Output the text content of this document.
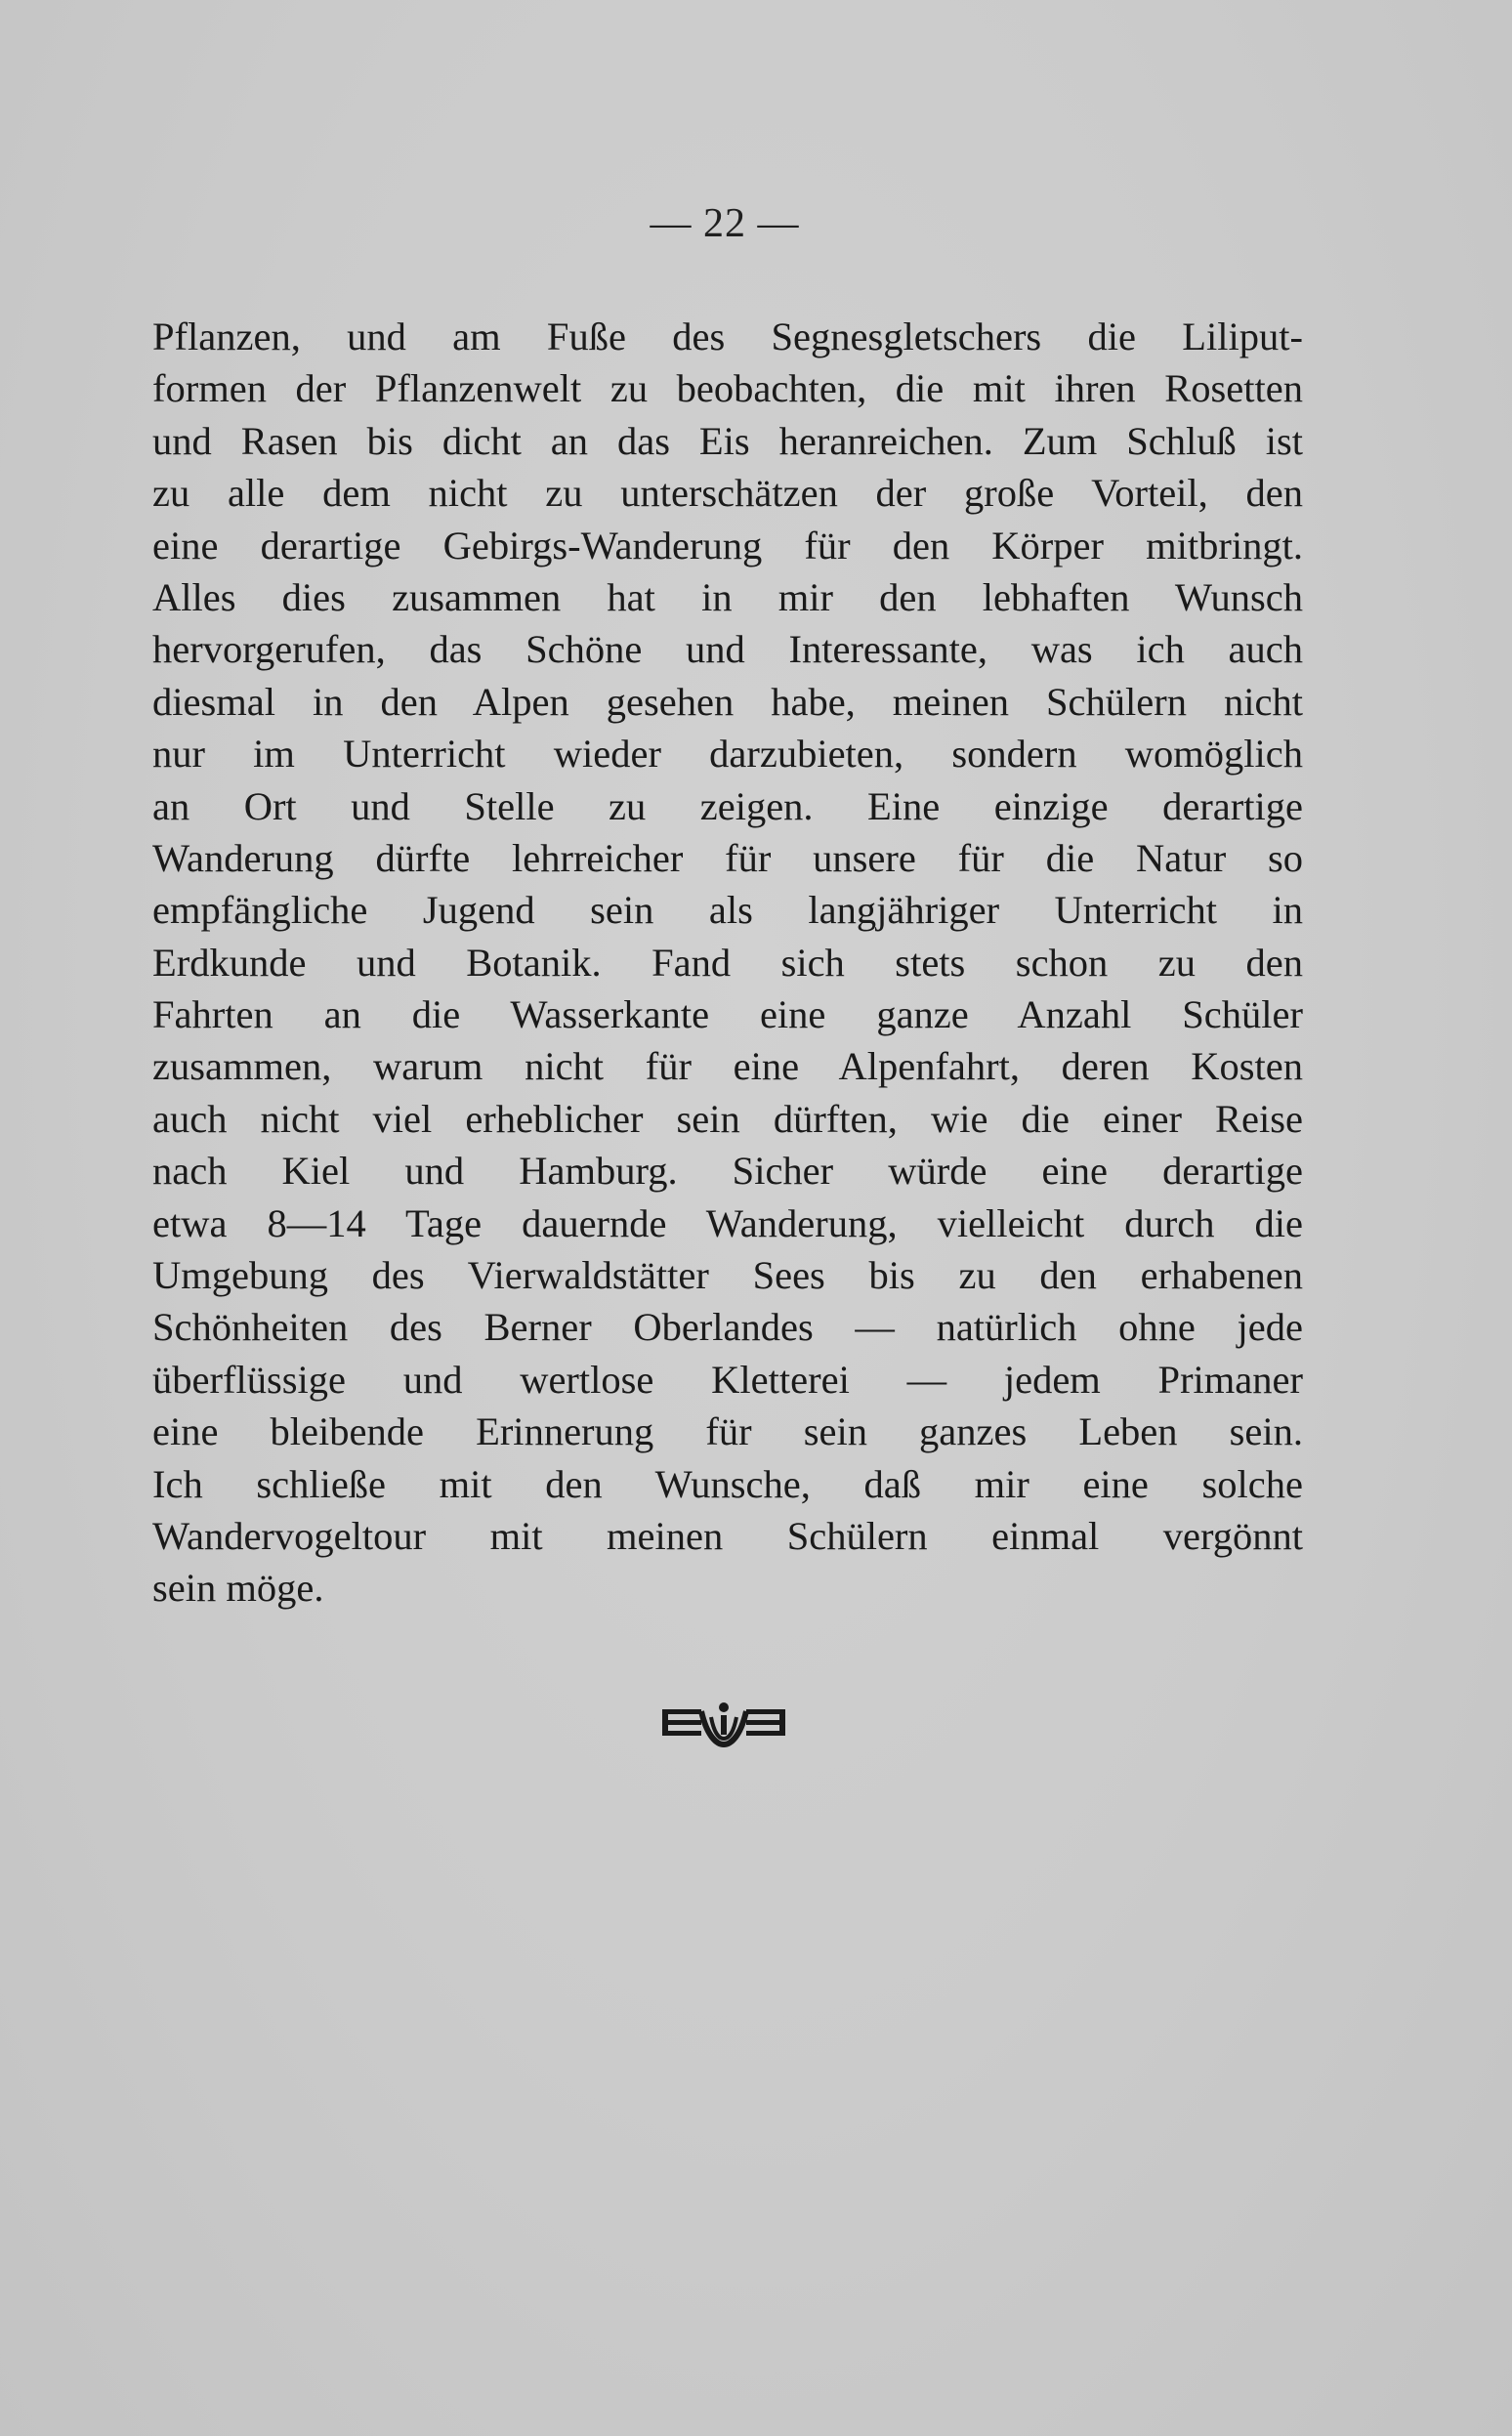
— 22 —
Pflanzen, und am Fuße des Segnesgletschers die Liliput-
formen der Pflanzenwelt zu beobachten, die mit ihren Rosetten
und Rasen bis dicht an das Eis heranreichen. Zum Schluß ist
zu alle dem nicht zu unterschätzen der große Vorteil, den
eine derartige Gebirgs-Wanderung für den Körper mitbringt.
Alles dies zusammen hat in mir den lebhaften Wunsch
hervorgerufen, das Schöne und Interessante, was ich auch
diesmal in den Alpen gesehen habe, meinen Schülern nicht
nur im Unterricht wieder darzubieten, sondern womöglich
an Ort und Stelle zu zeigen. Eine einzige derartige
Wanderung dürfte lehrreicher für unsere für die Natur so
empfängliche Jugend sein als langjähriger Unterricht in
Erdkunde und Botanik. Fand sich stets schon zu den
Fahrten an die Wasserkante eine ganze Anzahl Schüler
zusammen, warum nicht für eine Alpenfahrt, deren Kosten
auch nicht viel erheblicher sein dürften, wie die einer Reise
nach Kiel und Hamburg. Sicher würde eine derartige
etwa 8—14 Tage dauernde Wanderung, vielleicht durch die
Umgebung des Vierwaldstätter Sees bis zu den erhabenen
Schönheiten des Berner Oberlandes — natürlich ohne jede
überflüssige und wertlose Kletterei — jedem Primaner
eine bleibende Erinnerung für sein ganzes Leben sein.
Ich schließe mit den Wunsche, daß mir eine solche
Wandervogeltour mit meinen Schülern einmal vergönnt
sein möge.
